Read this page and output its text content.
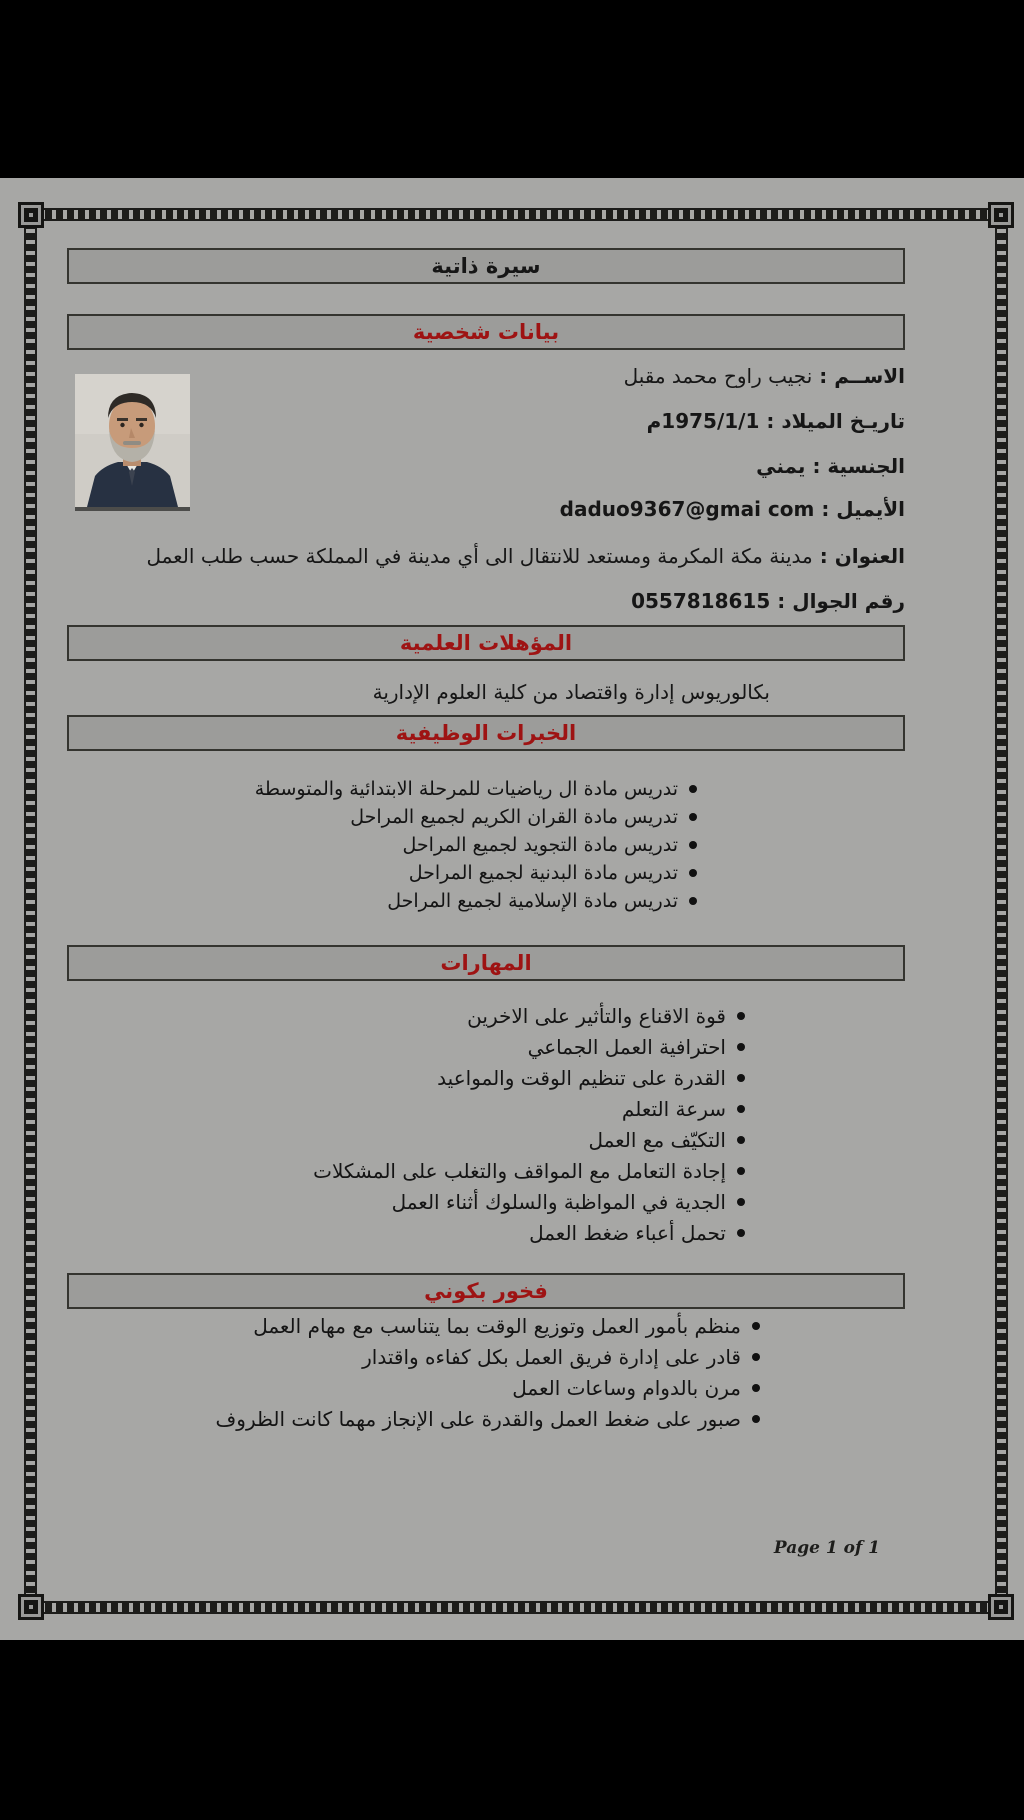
سيرة ذاتية
بيانات شخصية
الاســم :نجيب راوح محمد مقبل
تاريـخ الميلاد :1975/1/1م
الجنسية :يمني
الأيميل :daduo9367@gmai com
العنوان :مدينة مكة المكرمة ومستعد للانتقال الى أي مدينة في المملكة حسب طلب العمل
رقم الجوال :0557818615
المؤهلات العلمية
بكالوريوس إدارة واقتصاد من كلية العلوم الإدارية
الخبرات الوظيفية
تدريس مادة ال رياضيات للمرحلة الابتدائية والمتوسطة
تدريس مادة القران الكريم لجميع المراحل
تدريس مادة التجويد لجميع المراحل
تدريس مادة البدنية لجميع المراحل
تدريس مادة الإسلامية لجميع المراحل
المهارات
قوة الاقناع والتأثير على الاخرين
احترافية العمل الجماعي
القدرة على تنظيم الوقت والمواعيد
سرعة التعلم
التكيّف مع العمل
إجادة التعامل مع المواقف والتغلب على المشكلات
الجدية في المواظبة والسلوك أثناء العمل
تحمل أعباء ضغط العمل
فخور بكوني
منظم بأمور العمل وتوزيع الوقت بما يتناسب مع مهام العمل
قادر على إدارة فريق العمل بكل كفاءه واقتدار
مرن بالدوام وساعات العمل
صبور على ضغط العمل والقدرة على الإنجاز مهما كانت الظروف
Page 1 of 1
